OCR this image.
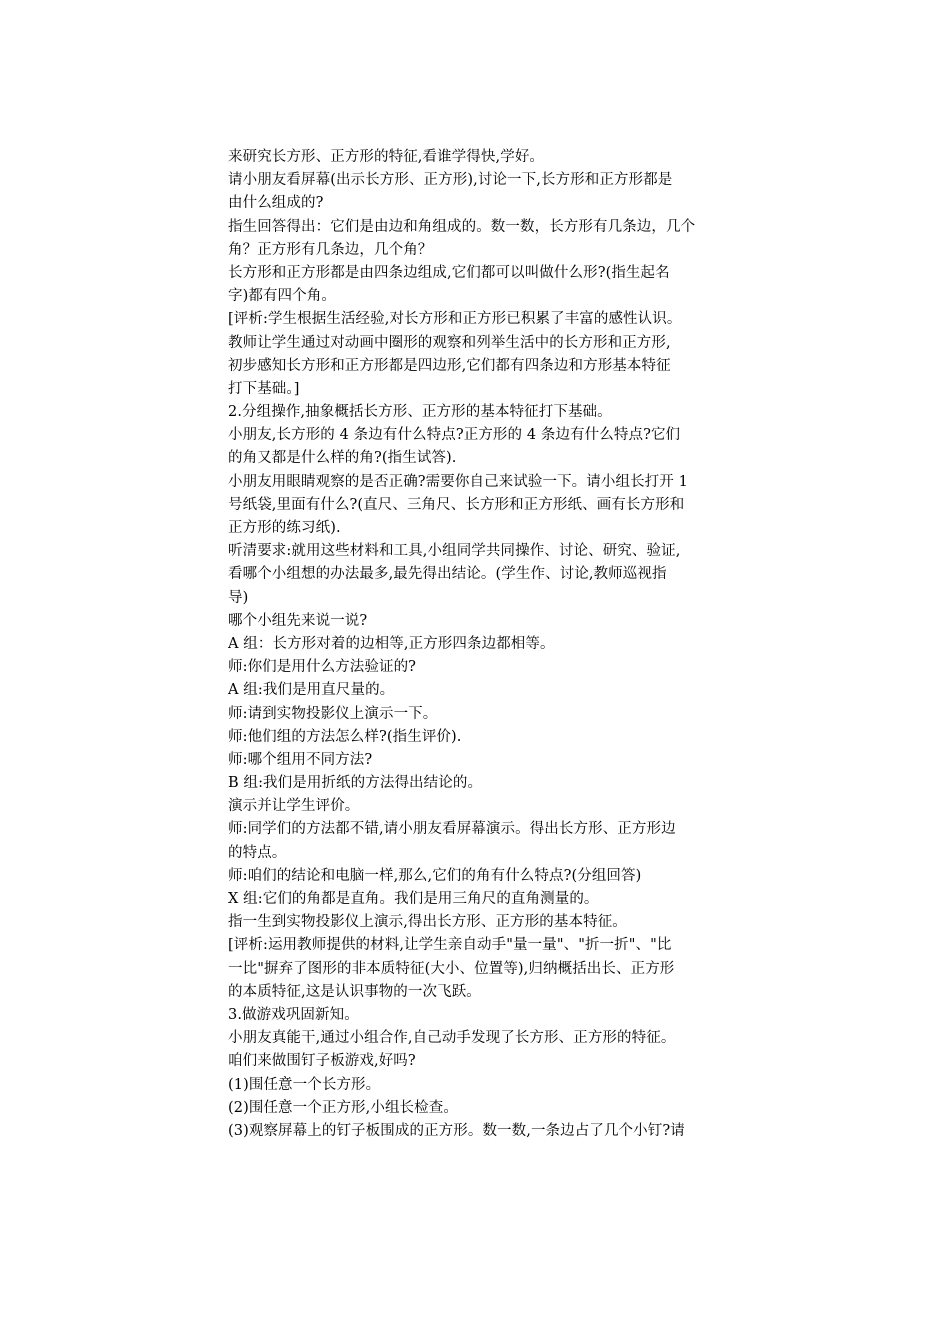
来研究长方形、正方形的特征,看谁学得快,学好。
请小朋友看屏幕(出示长方形、正方形),讨论一下,长方形和正方形都是
由什么组成的?
指生回答得出：它们是由边和角组成的。数一数，长方形有几条边，几个
角？正方形有几条边，几个角？
长方形和正方形都是由四条边组成,它们都可以叫做什么形?(指生起名
字)都有四个角。
[评析:学生根据生活经验,对长方形和正方形已积累了丰富的感性认识。
教师让学生通过对动画中圈形的观察和列举生活中的长方形和正方形,
初步感知长方形和正方形都是四边形,它们都有四条边和方形基本特征
打下基础。]
2.分组操作,抽象概括长方形、正方形的基本特征打下基础。
小朋友,长方形的 4 条边有什么特点?正方形的 4 条边有什么特点?它们
的角又都是什么样的角?(指生试答).
小朋友用眼睛观察的是否正确?需要你自己来试验一下。请小组长打开 1
号纸袋,里面有什么?(直尺、三角尺、长方形和正方形纸、画有长方形和
正方形的练习纸).
听清要求:就用这些材料和工具,小组同学共同操作、讨论、研究、验证,
看哪个小组想的办法最多,最先得出结论。(学生作、讨论,教师巡视指
导)
哪个小组先来说一说?
A 组：长方形对着的边相等,正方形四条边都相等。
师:你们是用什么方法验证的?
A 组:我们是用直尺量的。
师:请到实物投影仪上演示一下。
师:他们组的方法怎么样?(指生评价).
师:哪个组用不同方法?
B 组:我们是用折纸的方法得出结论的。
演示并让学生评价。
师:同学们的方法都不错,请小朋友看屏幕演示。得出长方形、正方形边
的特点。
师:咱们的结论和电脑一样,那么,它们的角有什么特点?(分组回答)
X 组:它们的角都是直角。我们是用三角尺的直角测量的。
指一生到实物投影仪上演示,得出长方形、正方形的基本特征。
[评析:运用教师提供的材料,让学生亲自动手"量一量"、"折一折"、"比
一比"摒弃了图形的非本质特征(大小、位置等),归纳概括出长、正方形
的本质特征,这是认识事物的一次飞跃。
3.做游戏巩固新知。
小朋友真能干,通过小组合作,自己动手发现了长方形、正方形的特征。
咱们来做围钉子板游戏,好吗?
(1)围任意一个长方形。
(2)围任意一个正方形,小组长检查。
(3)观察屏幕上的钉子板围成的正方形。数一数,一条边占了几个小钉?请
